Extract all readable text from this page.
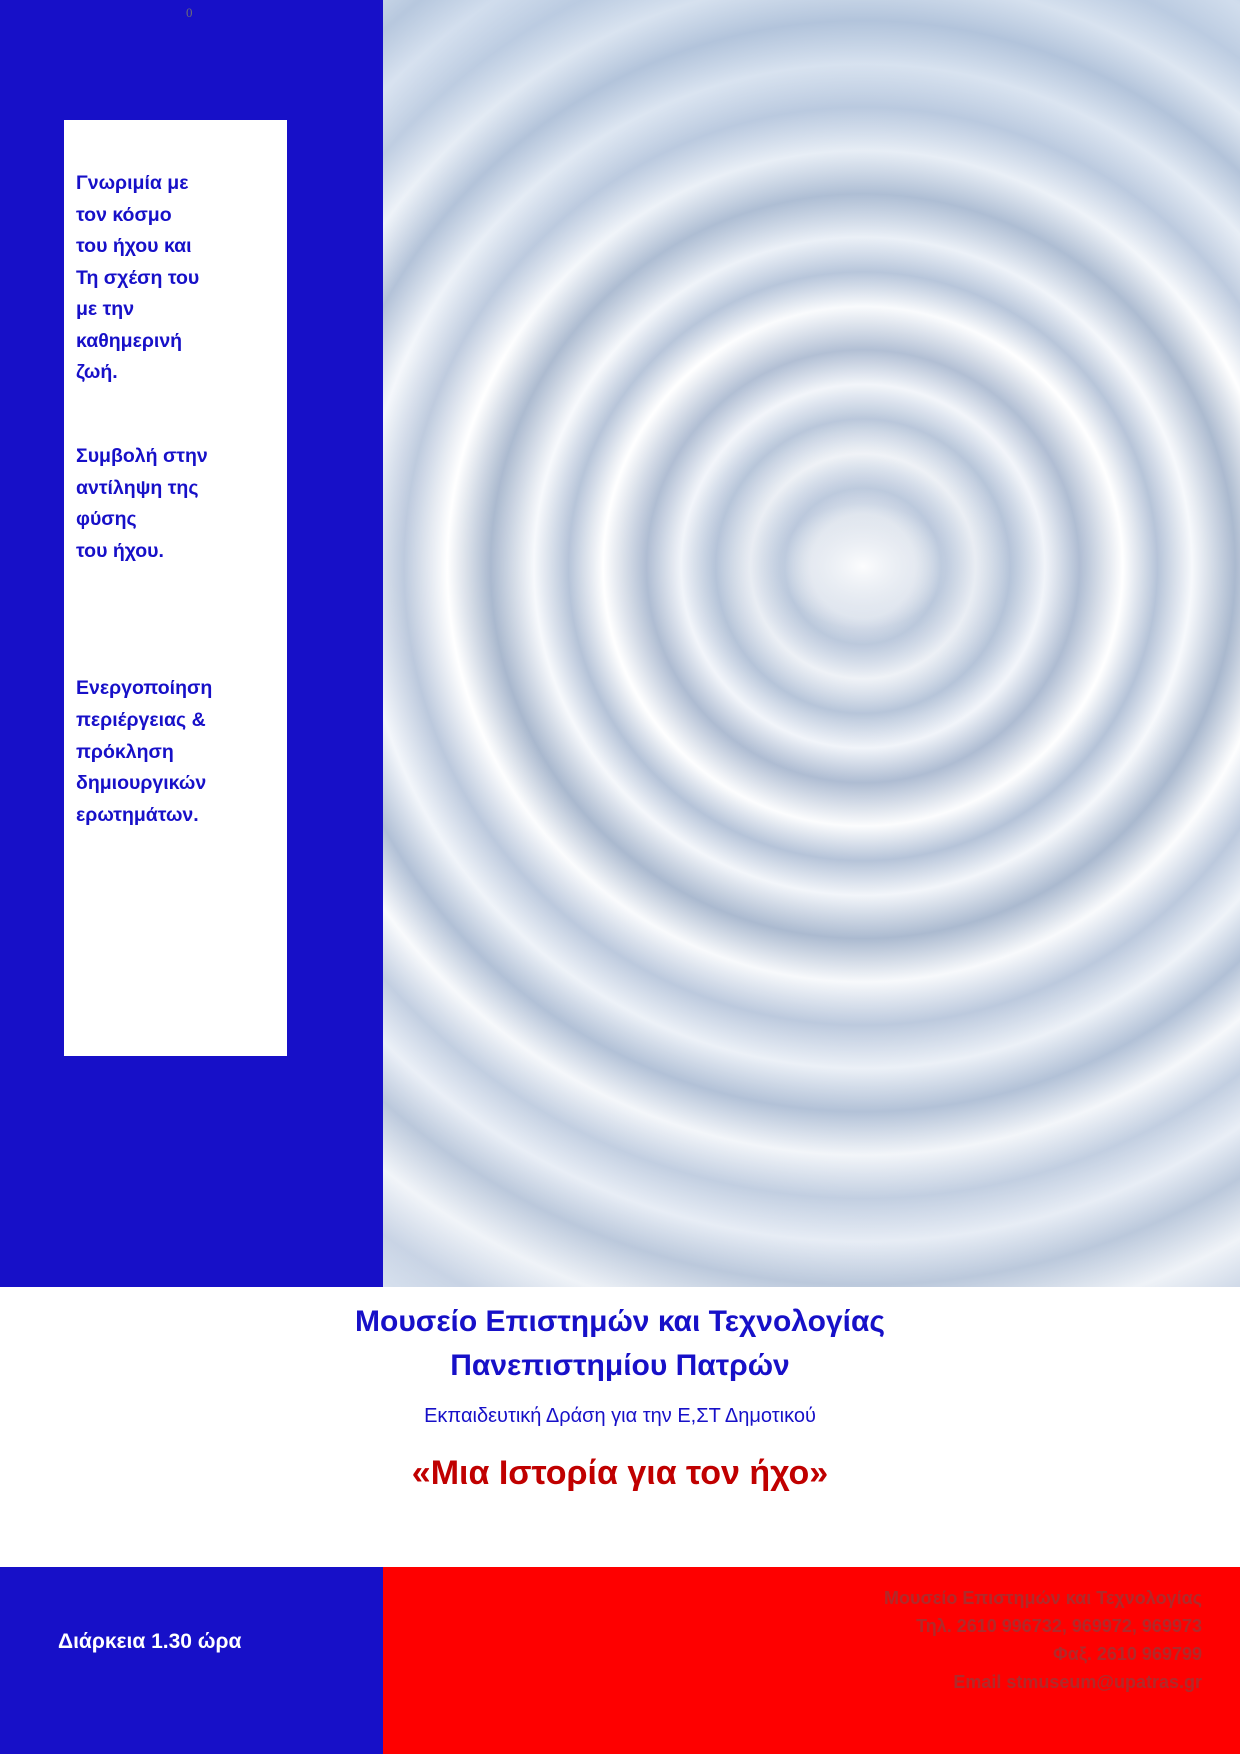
0

Γνωριμία με

τον κόσμο

του ήχου και

Τη σχέση του

με την

καθημερινή

ζωή.

Συμβολή στην

αντίληψη της

φύσης

του ήχου.

Ενεργοποίηση

περιέργειας &

πρόκληση

δημιουργικών

ερωτημάτων.

Μουσείο Επιστημών και Τεχνολογίας

Πανεπιστημίου Πατρών

Εκπαιδευτική Δράση για την Ε,ΣΤ Δημοτικού

«Μια Ιστορία για τον ήχο»

Διάρκεια 1.30 ώρα
Μουσείο Επιστημών και Τεχνολογίας
Τηλ. 2610 996732, 969972, 969973
Φαξ. 2610 969799
Email stmuseum@upatras.gr
